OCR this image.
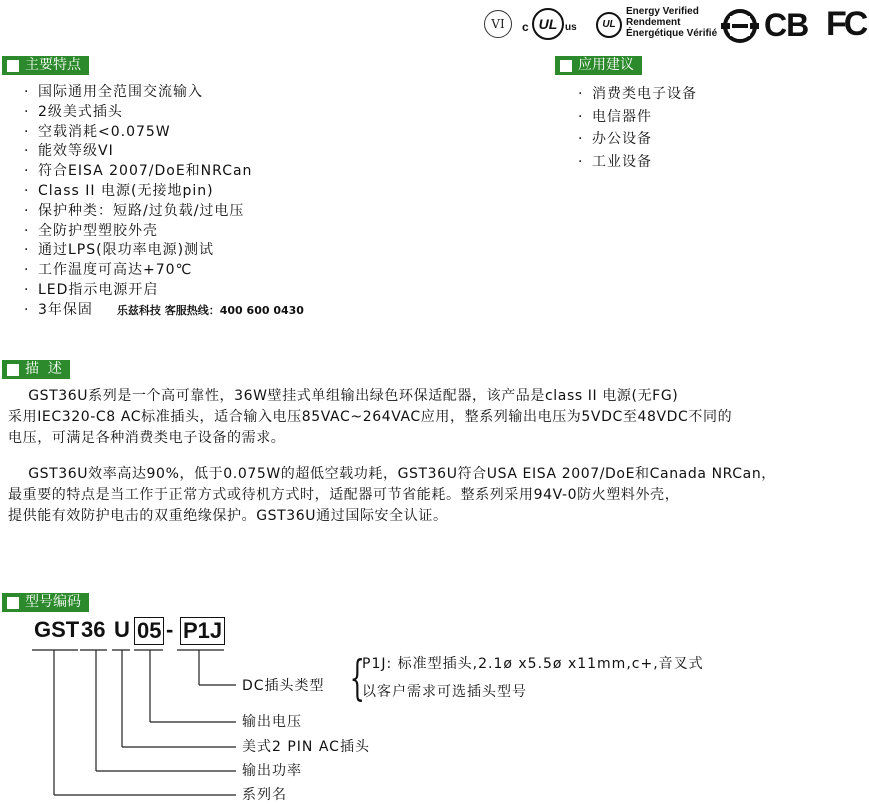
VI	c UL us	UL
Energy Verified
Rendement
Énergétique Vérifié CB FC
主要特点
· 国际通用全范围交流输入
· 2级美式插头
· 空载消耗<0.075W
· 能效等级VI
· 符合EISA 2007/DoE和NRCan
· Class II 电源(无接地pin)
· 保护种类：短路/过负载/过电压
· 全防护型塑胶外壳
· 通过LPS(限功率电源)测试
· 工作温度可高达+70℃
· LED指示电源开启
· 3年保固 乐兹科技 客服热线：400 600 0430
应用建议
· 消费类电子设备
· 电信器件
· 办公设备
· 工业设备
描  述
GST36U系列是一个高可靠性，36W壁挂式单组输出绿色环保适配器，该产品是class II 电源(无FG)
采用IEC320-C8 AC标准插头，适合输入电压85VAC~264VAC应用，整系列输出电压为5VDC至48VDC不同的
电压，可满足各种消费类电子设备的需求。
GST36U效率高达90%，低于0.075W的超低空载功耗，GST36U符合USA EISA 2007/DoE和Canada NRCan，
最重要的特点是当工作于正常方式或待机方式时，适配器可节省能耗。整系列采用94V-0防火塑料外壳，
提供能有效防护电击的双重绝缘保护。GST36U通过国际安全认证。
型号编码
GST 36 U 05 - P1J
DC插头类型 {
P1J: 标准型插头,2.1ø x5.5ø x11mm,c+,音叉式
以客户需求可选插头型号
输出电压
美式2 PIN AC插头
输出功率
系列名
